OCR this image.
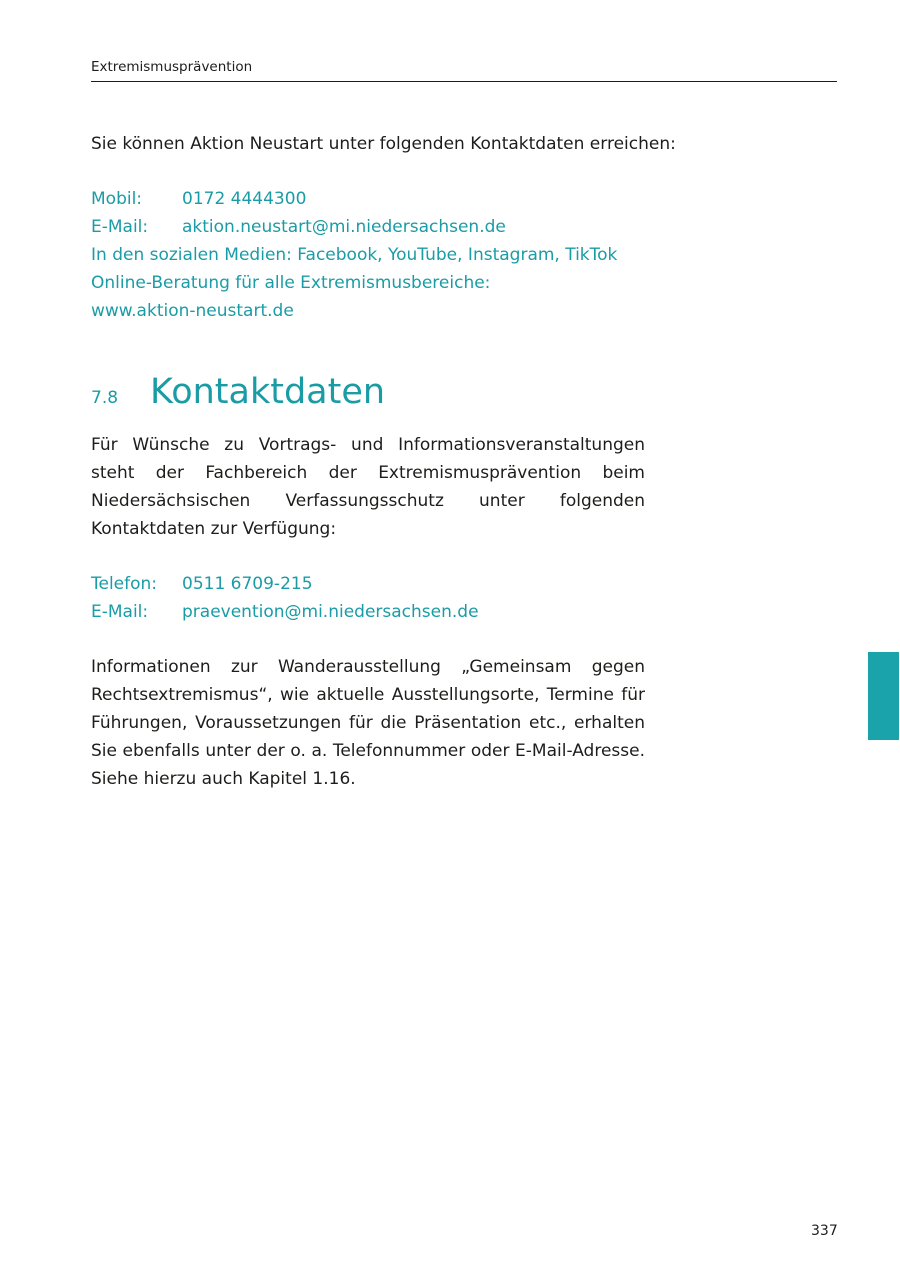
Extremismusprävention

Sie können Aktion Neustart unter folgenden Kontaktdaten erreichen:

Mobil:	0172 4444300
E-Mail:	aktion.neustart@mi.niedersachsen.de
In den sozialen Medien: Facebook, YouTube, Instagram, TikTok
Online-Beratung für alle Extremismusbereiche:
www.aktion-neustart.de
7.8 Kontaktdaten

Für Wünsche zu Vortrags- und Informationsveranstaltungen steht der Fachbereich der Extremismusprävention beim Niedersächsischen Verfassungsschutz unter folgenden Kontaktdaten zur Verfügung:

Telefon:	0511 6709-215
E-Mail:	praevention@mi.niedersachsen.de

Informationen zur Wanderausstellung „Gemeinsam gegen Rechtsextremismus“, wie aktuelle Ausstellungsorte, Termine für Führungen, Voraussetzungen für die Präsentation etc., erhalten Sie ebenfalls unter der o. a. Telefonnummer oder E-Mail-Adresse. Siehe hierzu auch Kapitel 1.16.

337
